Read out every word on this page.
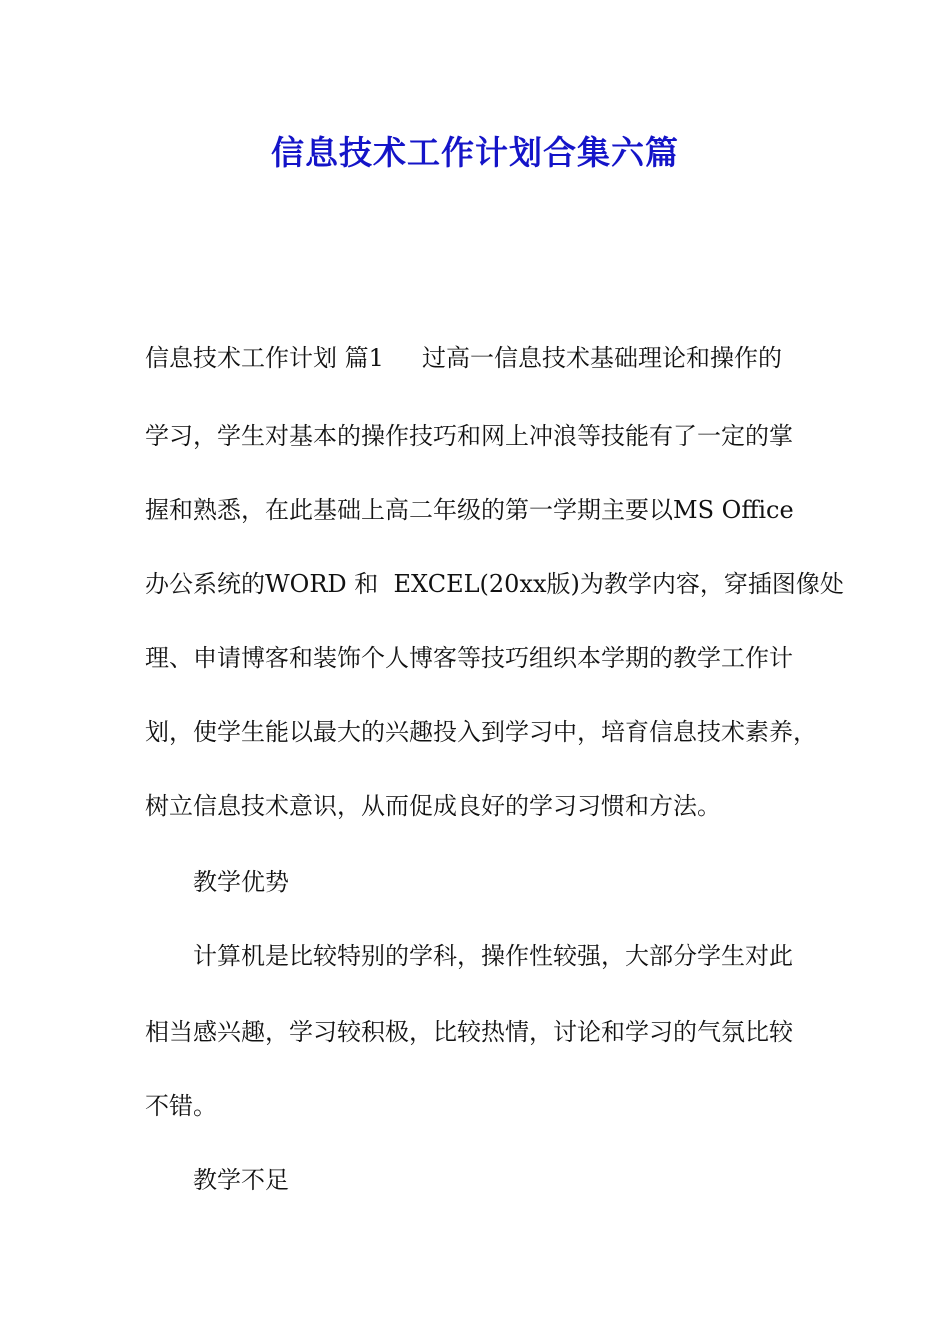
信息技术工作计划合集六篇
信息技术工作计划 篇1     过高一信息技术基础理论和操作的
学习，学生对基本的操作技巧和网上冲浪等技能有了一定的掌
握和熟悉，在此基础上高二年级的第一学期主要以MS Office
办公系统的WORD 和  EXCEL(20xx版)为教学内容，穿插图像处
理、申请博客和装饰个人博客等技巧组织本学期的教学工作计
划，使学生能以最大的兴趣投入到学习中，培育信息技术素养，
树立信息技术意识，从而促成良好的学习习惯和方法。
教学优势
计算机是比较特别的学科，操作性较强，大部分学生对此
相当感兴趣，学习较积极，比较热情，讨论和学习的气氛比较
不错。
教学不足
